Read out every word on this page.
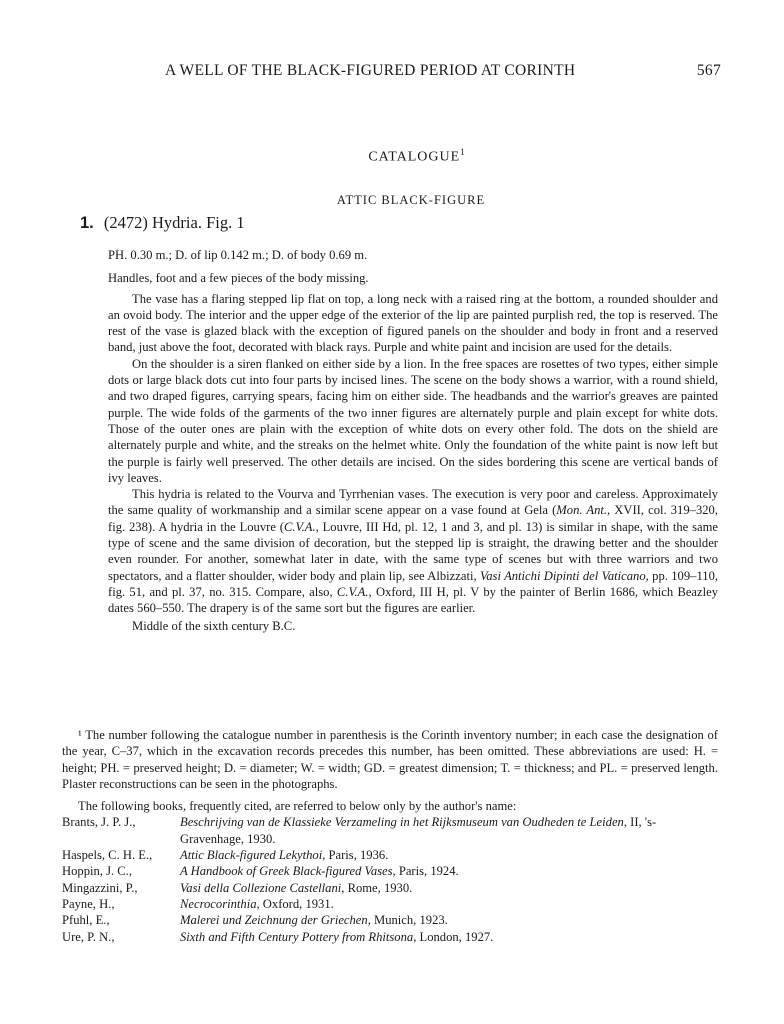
A WELL OF THE BLACK-FIGURED PERIOD AT CORINTH	567
CATALOGUE$^1$
ATTIC BLACK-FIGURE
1. (2472) Hydria. Fig. 1

PH. 0.30 m.; D. of lip 0.142 m.; D. of body 0.69 m.

Handles, foot and a few pieces of the body missing.

The vase has a flaring stepped lip flat on top, a long neck with a raised ring at the bottom, a rounded shoulder and an ovoid body. The interior and the upper edge of the exterior of the lip are painted purplish red, the top is reserved. The rest of the vase is glazed black with the exception of figured panels on the shoulder and body in front and a reserved band, just above the foot, decorated with black rays. Purple and white paint and incision are used for the details.

On the shoulder is a siren flanked on either side by a lion. In the free spaces are rosettes of two types, either simple dots or large black dots cut into four parts by incised lines. The scene on the body shows a warrior, with a round shield, and two draped figures, carrying spears, facing him on either side. The headbands and the warrior's greaves are painted purple. The wide folds of the garments of the two inner figures are alternately purple and plain except for white dots. Those of the outer ones are plain with the exception of white dots on every other fold. The dots on the shield are alternately purple and white, and the streaks on the helmet white. Only the foundation of the white paint is now left but the purple is fairly well preserved. The other details are incised. On the sides bordering this scene are vertical bands of ivy leaves.

This hydria is related to the Vourva and Tyrrhenian vases. The execution is very poor and careless. Approximately the same quality of workmanship and a similar scene appear on a vase found at Gela (Mon. Ant., XVII, col. 319–320, fig. 238). A hydria in the Louvre (C.V.A., Louvre, III Hd, pl. 12, 1 and 3, and pl. 13) is similar in shape, with the same type of scene and the same division of decoration, but the stepped lip is straight, the drawing better and the shoulder even rounder. For another, somewhat later in date, with the same type of scenes but with three warriors and two spectators, and a flatter shoulder, wider body and plain lip, see Albizzati, Vasi Antichi Dipinti del Vaticano, pp. 109–110, fig. 51, and pl. 37, no. 315. Compare, also, C.V.A., Oxford, III H, pl. V by the painter of Berlin 1686, which Beazley dates 560–550. The drapery is of the same sort but the figures are earlier.

Middle of the sixth century B.C.

¹ The number following the catalogue number in parenthesis is the Corinth inventory number; in each case the designation of the year, C–37, which in the excavation records precedes this number, has been omitted. These abbreviations are used: H. = height; PH. = preserved height; D. = diameter; W. = width; GD. = greatest dimension; T. = thickness; and PL. = preserved length. Plaster reconstructions can be seen in the photographs.

The following books, frequently cited, are referred to below only by the author's name:

Brants, J. P. J.,	Beschrijving van de Klassieke Verzameling in het Rijksmuseum van Oudheden te Leiden, II, 's-Gravenhage, 1930.
Haspels, C. H. E.,	Attic Black-figured Lekythoi, Paris, 1936.
Hoppin, J. C.,	A Handbook of Greek Black-figured Vases, Paris, 1924.
Mingazzini, P.,	Vasi della Collezione Castellani, Rome, 1930.
Payne, H.,	Necrocorinthia, Oxford, 1931.
Pfuhl, E.,	Malerei und Zeichnung der Griechen, Munich, 1923.
Ure, P. N.,	Sixth and Fifth Century Pottery from Rhitsona, London, 1927.
